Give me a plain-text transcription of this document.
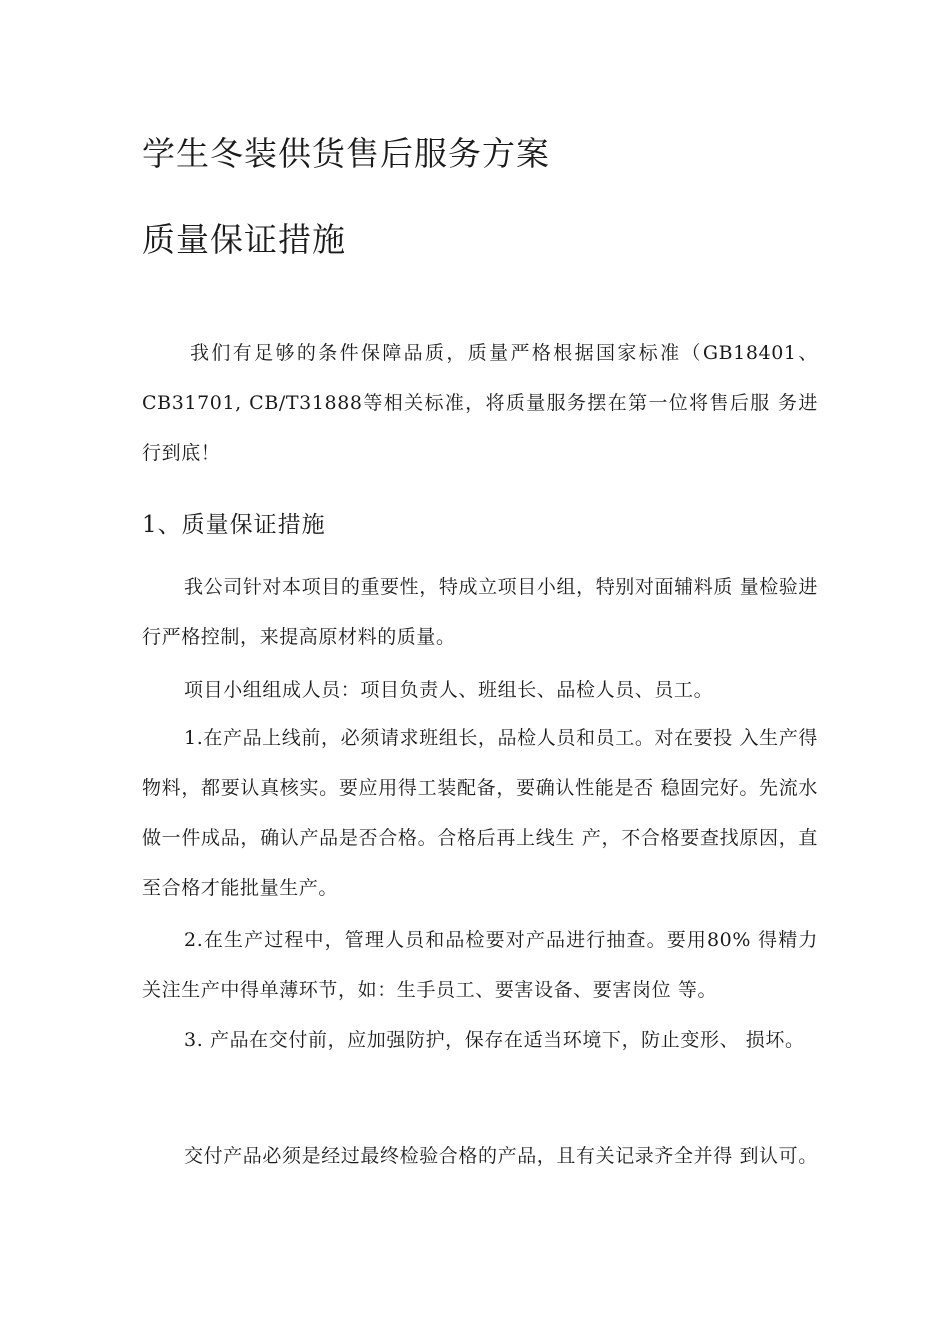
学生冬装供货售后服务方案
质量保证措施

我们有足够的条件保障品质，质量严格根据国家标准（GB18401、CB31701, CB/T31888等相关标准，将质量服务摆在第一位将售后服 务进行到底！

1、质量保证措施

我公司针对本项目的重要性，特成立项目小组，特别对面辅料质 量检验进行严格控制，来提高原材料的质量。

项目小组组成人员：项目负责人、班组长、品检人员、员工。

1.在产品上线前，必须请求班组长，品检人员和员工。对在要投 入生产得物料，都要认真核实。要应用得工装配备，要确认性能是否 稳固完好。先流水做一件成品，确认产品是否合格。合格后再上线生 产，不合格要查找原因，直至合格才能批量生产。

2.在生产过程中，管理人员和品检要对产品进行抽查。要用80% 得精力关注生产中得单薄环节，如：生手员工、要害设备、要害岗位 等。

3. 产品在交付前，应加强防护，保存在适当环境下，防止变形、 损坏。

交付产品必须是经过最终检验合格的产品，且有关记录齐全并得 到认可。
